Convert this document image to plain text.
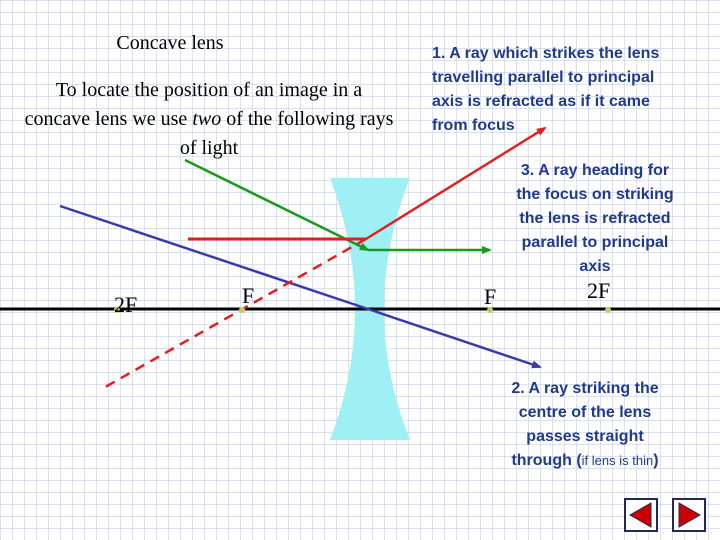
Concave lens
To locate the position of an image in a concave lens we use two of the following rays of light
1. A ray which strikes the lens
travelling parallel to principal
axis is refracted as if it came
from focus
3. A ray heading for
the focus on striking
the lens is refracted
parallel to principal
axis
2. A ray striking the
centre of the lens
passes straight
through (if lens is thin)
2F	F	F	2F
